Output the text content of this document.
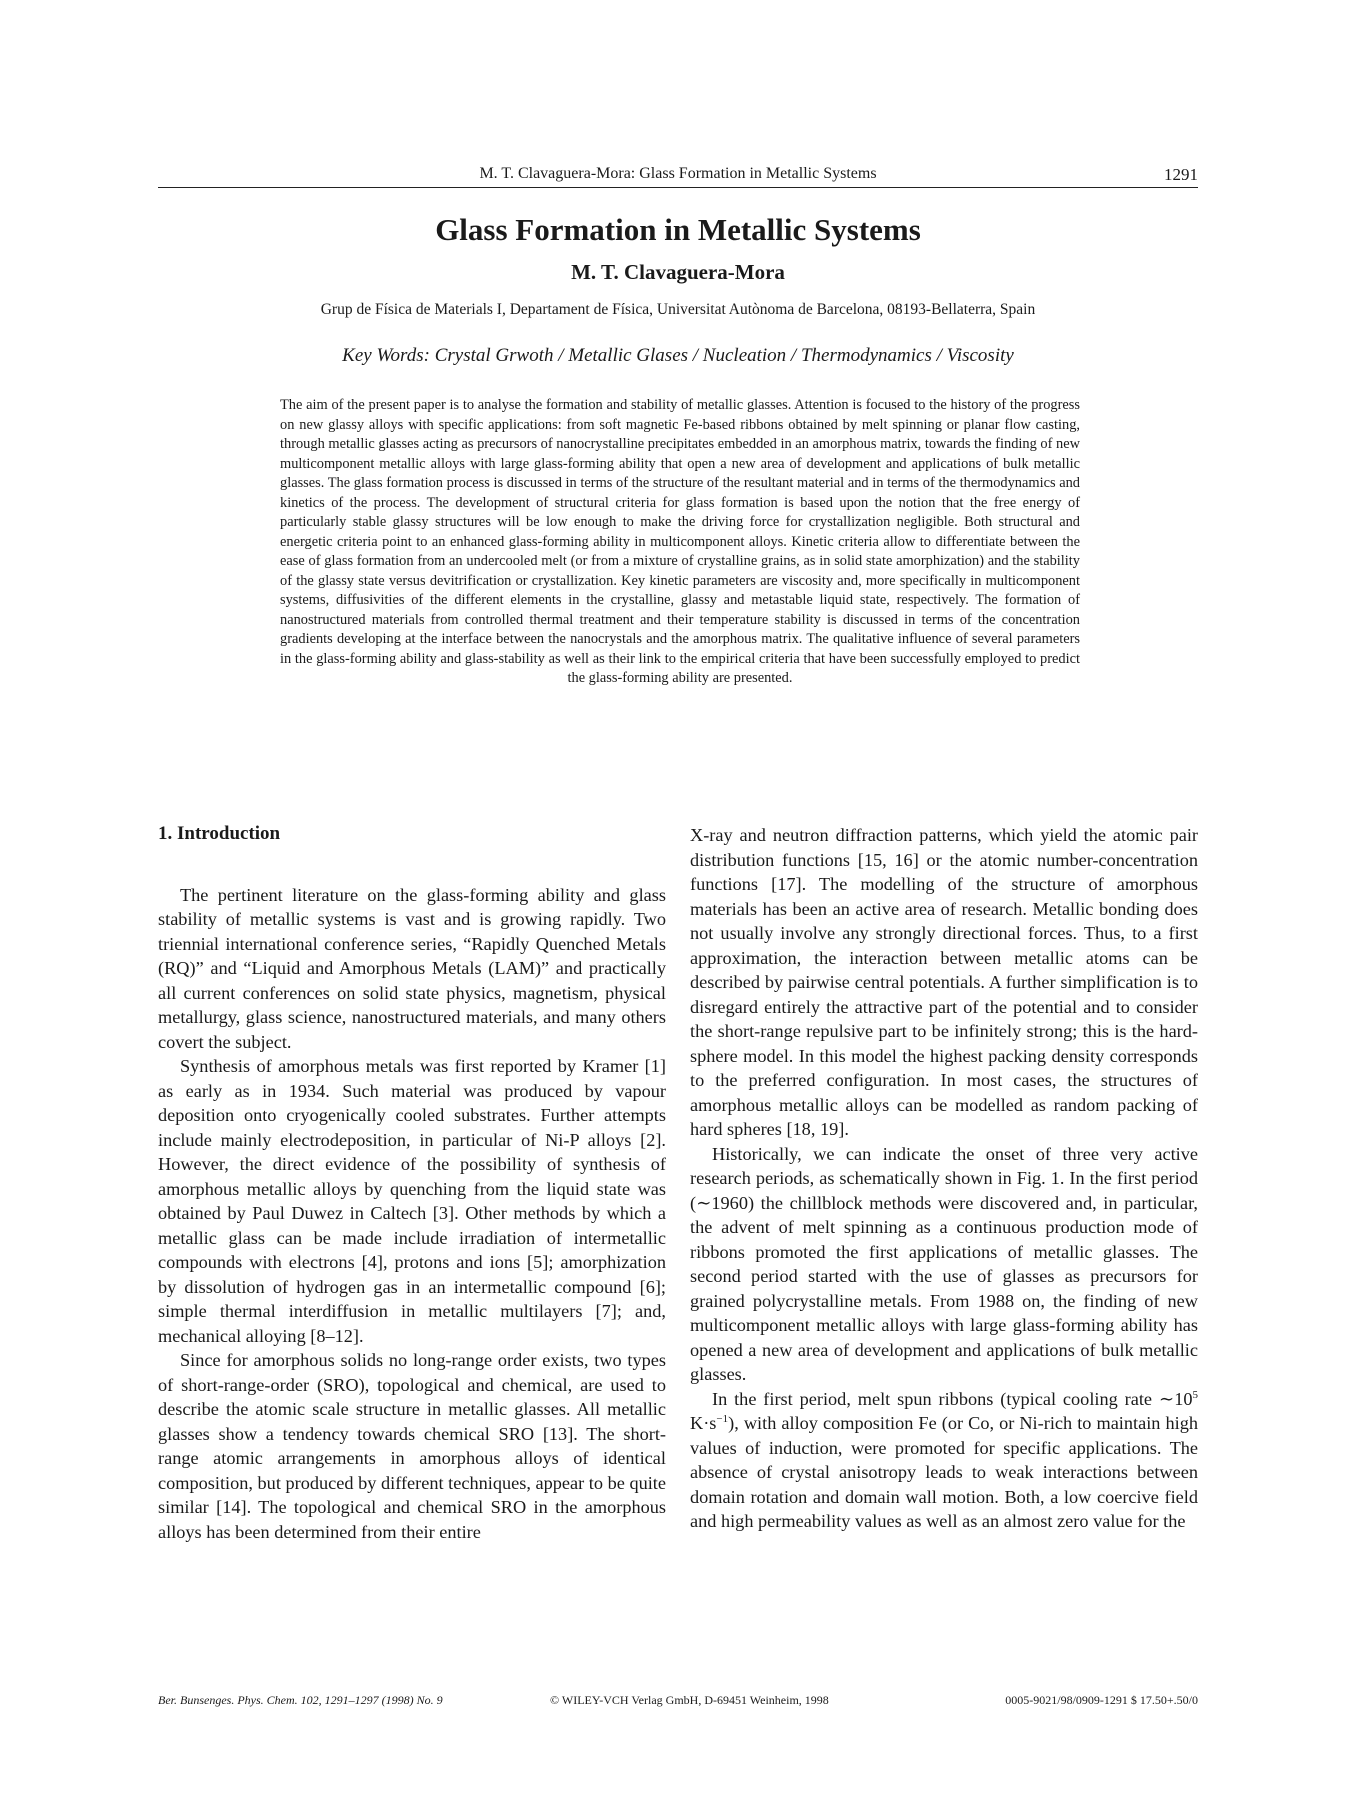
M. T. Clavaguera-Mora: Glass Formation in Metallic Systems	1291
Glass Formation in Metallic Systems
M. T. Clavaguera-Mora
Grup de Física de Materials I, Departament de Física, Universitat Autònoma de Barcelona, 08193-Bellaterra, Spain
Key Words: Crystal Grwoth / Metallic Glases / Nucleation / Thermodynamics / Viscosity
The aim of the present paper is to analyse the formation and stability of metallic glasses. Attention is focused to the history of the progress on new glassy alloys with specific applications: from soft magnetic Fe-based ribbons obtained by melt spinning or planar flow casting, through metallic glasses acting as precursors of nanocrystalline precipitates embedded in an amorphous matrix, towards the finding of new multicomponent metallic alloys with large glass-forming ability that open a new area of development and applications of bulk metallic glasses. The glass formation process is discussed in terms of the structure of the resultant material and in terms of the thermodynamics and kinetics of the process. The development of structural criteria for glass formation is based upon the notion that the free energy of particularly stable glassy structures will be low enough to make the driving force for crystallization negligible. Both structural and energetic criteria point to an enhanced glass-forming ability in multicomponent alloys. Kinetic criteria allow to differentiate between the ease of glass formation from an undercooled melt (or from a mixture of crystalline grains, as in solid state amorphization) and the stability of the glassy state versus devitrification or crystallization. Key kinetic parameters are viscosity and, more specifically in multicomponent systems, diffusivities of the different elements in the crystalline, glassy and metastable liquid state, respectively. The formation of nanostructured materials from controlled thermal treatment and their temperature stability is discussed in terms of the concentration gradients developing at the interface between the nanocrystals and the amorphous matrix. The qualitative influence of several parameters in the glass-forming ability and glass-stability as well as their link to the empirical criteria that have been successfully employed to predict the glass-forming ability are presented.
1. Introduction

The pertinent literature on the glass-forming ability and glass stability of metallic systems is vast and is growing rapidly. Two triennial international conference series, “Rapidly Quenched Metals (RQ)” and “Liquid and Amorphous Metals (LAM)” and practically all current conferences on solid state physics, magnetism, physical metallurgy, glass science, nanostructured materials, and many others covert the subject.

Synthesis of amorphous metals was first reported by Kramer [1] as early as in 1934. Such material was produced by vapour deposition onto cryogenically cooled substrates. Further attempts include mainly electrodeposition, in particular of Ni-P alloys [2]. However, the direct evidence of the possibility of synthesis of amorphous metallic alloys by quenching from the liquid state was obtained by Paul Duwez in Caltech [3]. Other methods by which a metallic glass can be made include irradiation of intermetallic compounds with electrons [4], protons and ions [5]; amorphization by dissolution of hydrogen gas in an intermetallic compound [6]; simple thermal interdiffusion in metallic multilayers [7]; and, mechanical alloying [8–12].

Since for amorphous solids no long-range order exists, two types of short-range-order (SRO), topological and chemical, are used to describe the atomic scale structure in metallic glasses. All metallic glasses show a tendency towards chemical SRO [13]. The short-range atomic arrangements in amorphous alloys of identical composition, but produced by different techniques, appear to be quite similar [14]. The topological and chemical SRO in the amorphous alloys has been determined from their entire

X-ray and neutron diffraction patterns, which yield the atomic pair distribution functions [15, 16] or the atomic number-concentration functions [17]. The modelling of the structure of amorphous materials has been an active area of research. Metallic bonding does not usually involve any strongly directional forces. Thus, to a first approximation, the interaction between metallic atoms can be described by pairwise central potentials. A further simplification is to disregard entirely the attractive part of the potential and to consider the short-range repulsive part to be infinitely strong; this is the hard-sphere model. In this model the highest packing density corresponds to the preferred configuration. In most cases, the structures of amorphous metallic alloys can be modelled as random packing of hard spheres [18, 19].

Historically, we can indicate the onset of three very active research periods, as schematically shown in Fig. 1. In the first period (∼1960) the chillblock methods were discovered and, in particular, the advent of melt spinning as a continuous production mode of ribbons promoted the first applications of metallic glasses. The second period started with the use of glasses as precursors for grained polycrystalline metals. From 1988 on, the finding of new multicomponent metallic alloys with large glass-forming ability has opened a new area of development and applications of bulk metallic glasses.

In the first period, melt spun ribbons (typical cooling rate $\sim 10^5$ $K\cdot s^{-1}$), with alloy composition Fe (or Co, or Ni-rich to maintain high values of induction, were promoted for specific applications. The absence of crystal anisotropy leads to weak interactions between domain rotation and domain wall motion. Both, a low coercive field and high permeability values as well as an almost zero value for the

Ber. Bunsenges. Phys. Chem. 102, 1291–1297 (1998) No. 9	© WILEY-VCH Verlag GmbH, D-69451 Weinheim, 1998	0005-9021/98/0909-1291 $ 17.50+.50/0
